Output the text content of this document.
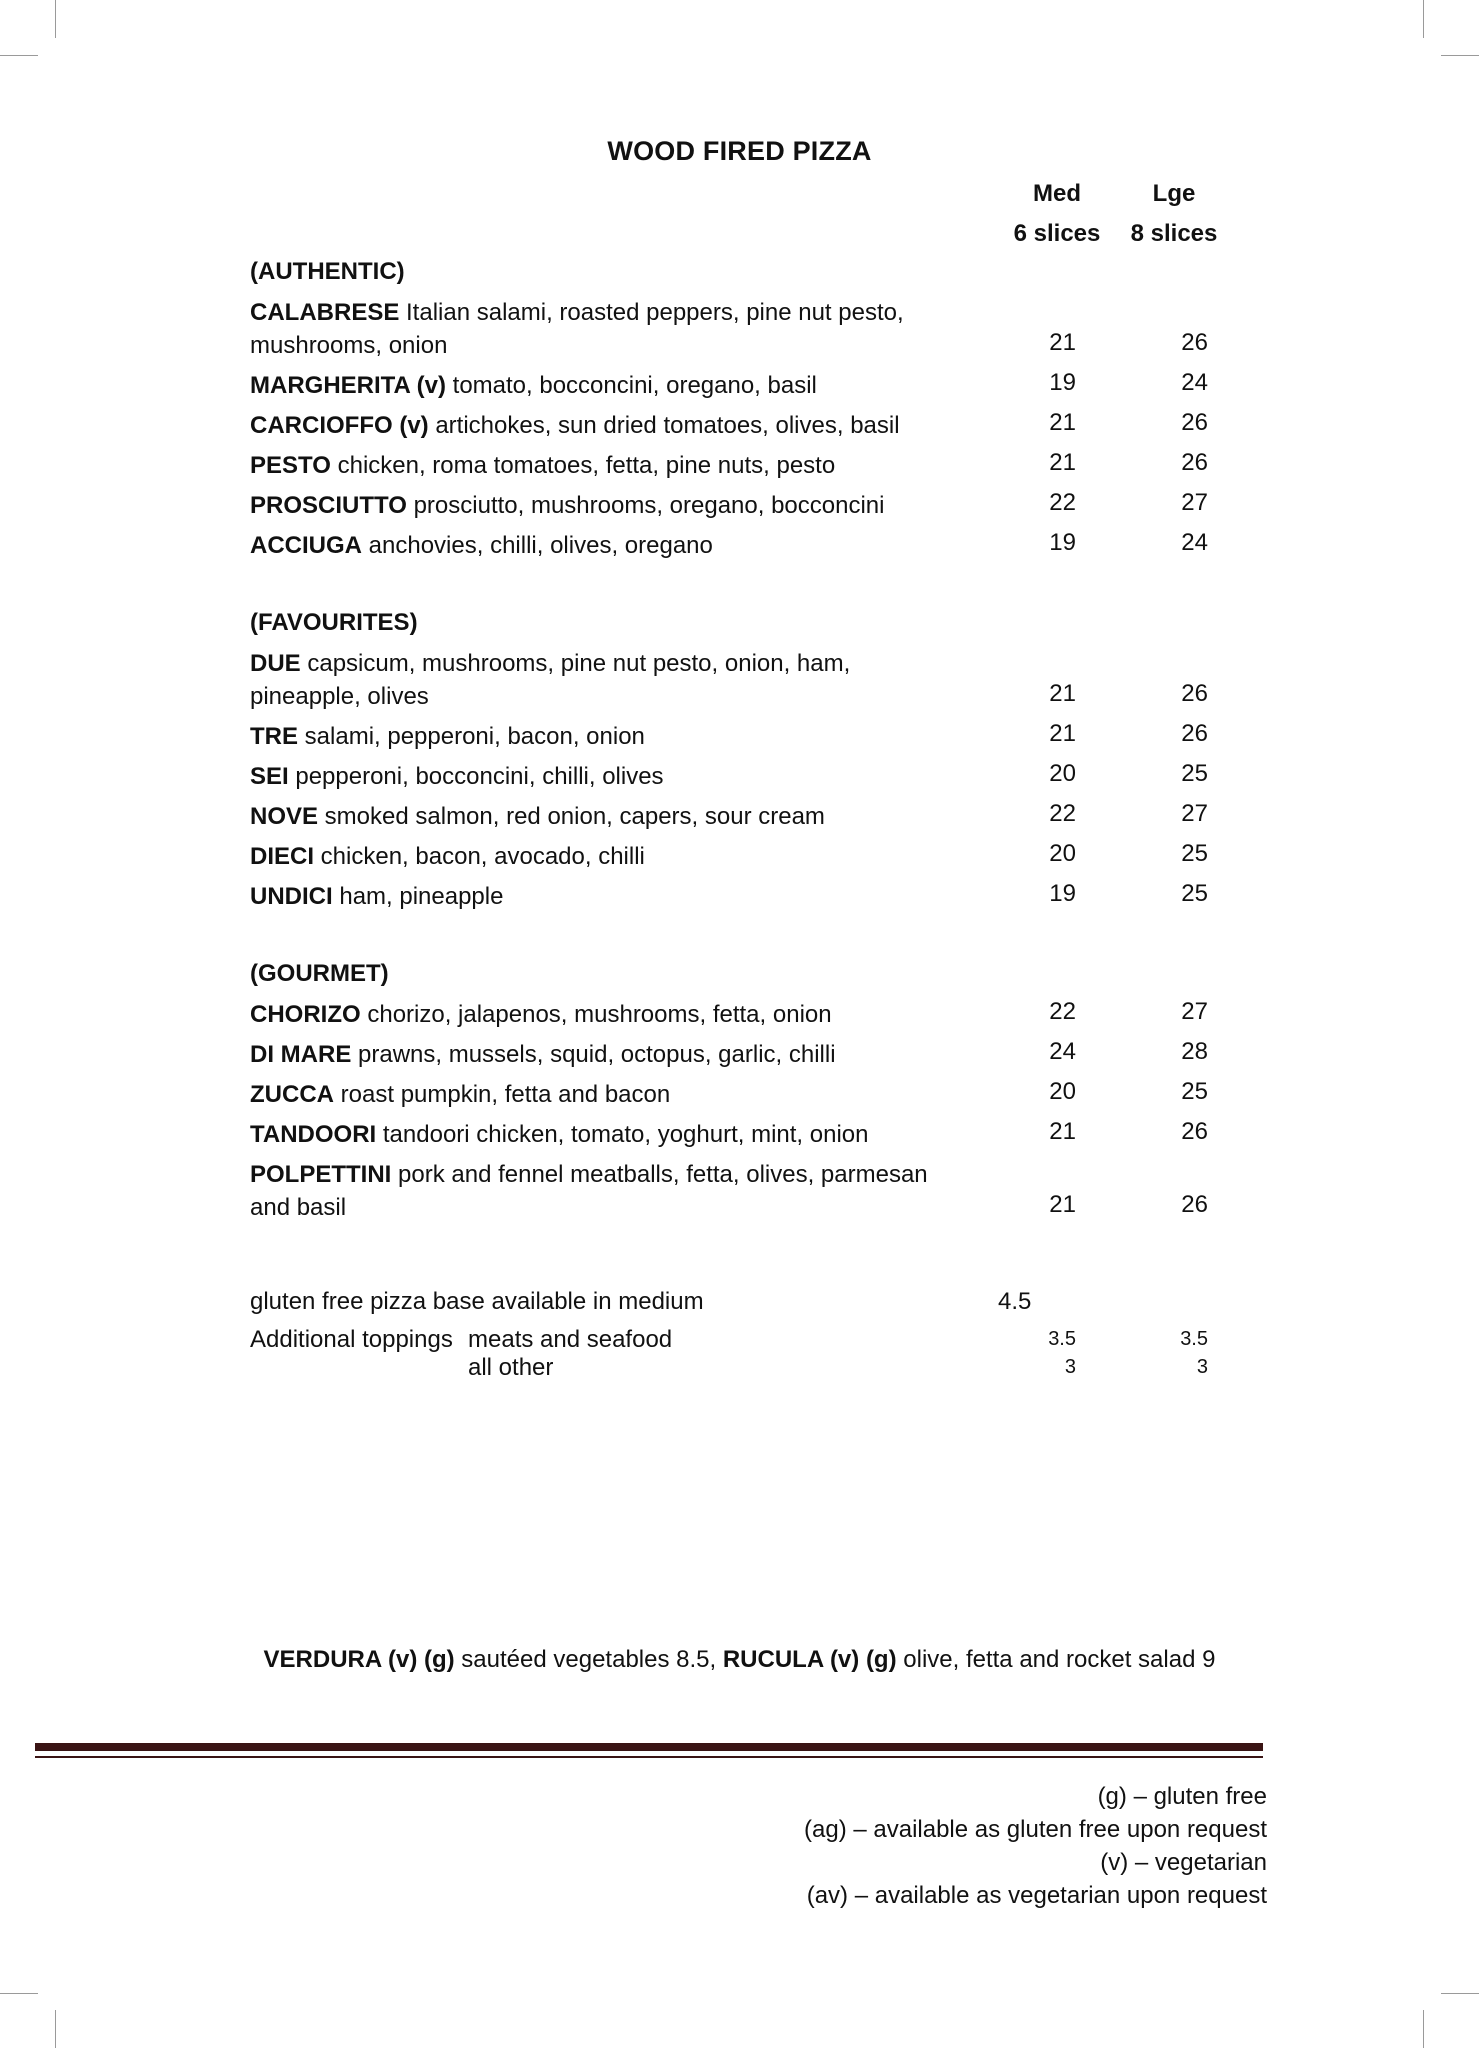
WOOD FIRED PIZZA
Med	Lge
6 slices	8 slices
(AUTHENTIC)
CALABRESE Italian salami, roasted peppers, pine nut pesto,
mushrooms, onion	21	26
MARGHERITA (v) tomato, bocconcini, oregano, basil	19	24
CARCIOFFO (v) artichokes, sun dried tomatoes, olives, basil	21	26
PESTO chicken, roma tomatoes, fetta, pine nuts, pesto	21	26
PROSCIUTTO prosciutto, mushrooms, oregano, bocconcini	22	27
ACCIUGA anchovies, chilli, olives, oregano	19	24
(FAVOURITES)
DUE capsicum, mushrooms, pine nut pesto, onion, ham,
pineapple, olives	21	26
TRE salami, pepperoni, bacon, onion	21	26
SEI pepperoni, bocconcini, chilli, olives	20	25
NOVE smoked salmon, red onion, capers, sour cream	22	27
DIECI chicken, bacon, avocado, chilli	20	25
UNDICI ham, pineapple	19	25
(GOURMET)
CHORIZO chorizo, jalapenos, mushrooms, fetta, onion	22	27
DI MARE prawns, mussels, squid, octopus, garlic, chilli	24	28
ZUCCA roast pumpkin, fetta and bacon	20	25
TANDOORI tandoori chicken, tomato, yoghurt, mint, onion	21	26
POLPETTINI pork and fennel meatballs, fetta, olives, parmesan
and basil	21	26
gluten free pizza base available in medium	4.5
Additional toppings meats and seafood	3.5	3.5
all other	3	3
VERDURA (v) (g) sautéed vegetables 8.5, RUCULA (v) (g) olive, fetta and rocket salad 9
(g) – gluten free
(ag) – available as gluten free upon request
(v) – vegetarian
(av) – available as vegetarian upon request
